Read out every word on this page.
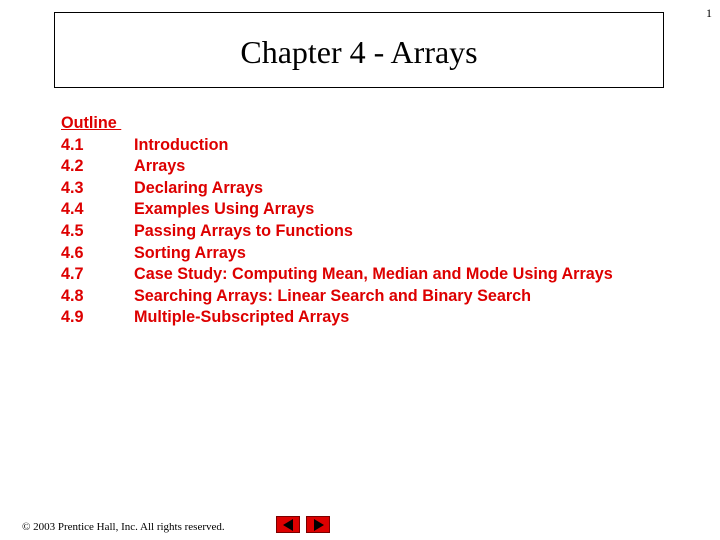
1
Chapter 4 - Arrays
Outline
4.1	Introduction
4.2	Arrays
4.3	Declaring Arrays
4.4	Examples Using Arrays
4.5	Passing Arrays to Functions
4.6	Sorting Arrays
4.7	Case Study: Computing Mean, Median and Mode Using Arrays
4.8	Searching Arrays: Linear Search and Binary Search
4.9	Multiple-Subscripted Arrays
© 2003 Prentice Hall, Inc. All rights reserved.
